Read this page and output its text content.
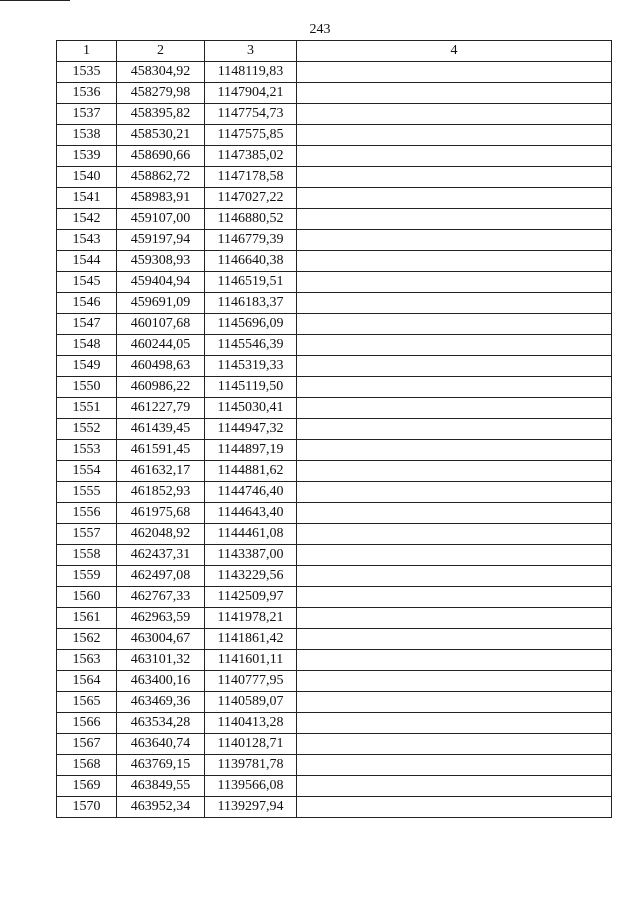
243
1	2	3	4
1535	458304,92	1148119,83	
1536	458279,98	1147904,21	
1537	458395,82	1147754,73	
1538	458530,21	1147575,85	
1539	458690,66	1147385,02	
1540	458862,72	1147178,58	
1541	458983,91	1147027,22	
1542	459107,00	1146880,52	
1543	459197,94	1146779,39	
1544	459308,93	1146640,38	
1545	459404,94	1146519,51	
1546	459691,09	1146183,37	
1547	460107,68	1145696,09	
1548	460244,05	1145546,39	
1549	460498,63	1145319,33	
1550	460986,22	1145119,50	
1551	461227,79	1145030,41	
1552	461439,45	1144947,32	
1553	461591,45	1144897,19	
1554	461632,17	1144881,62	
1555	461852,93	1144746,40	
1556	461975,68	1144643,40	
1557	462048,92	1144461,08	
1558	462437,31	1143387,00	
1559	462497,08	1143229,56	
1560	462767,33	1142509,97	
1561	462963,59	1141978,21	
1562	463004,67	1141861,42	
1563	463101,32	1141601,11	
1564	463400,16	1140777,95	
1565	463469,36	1140589,07	
1566	463534,28	1140413,28	
1567	463640,74	1140128,71	
1568	463769,15	1139781,78	
1569	463849,55	1139566,08	
1570	463952,34	1139297,94	
